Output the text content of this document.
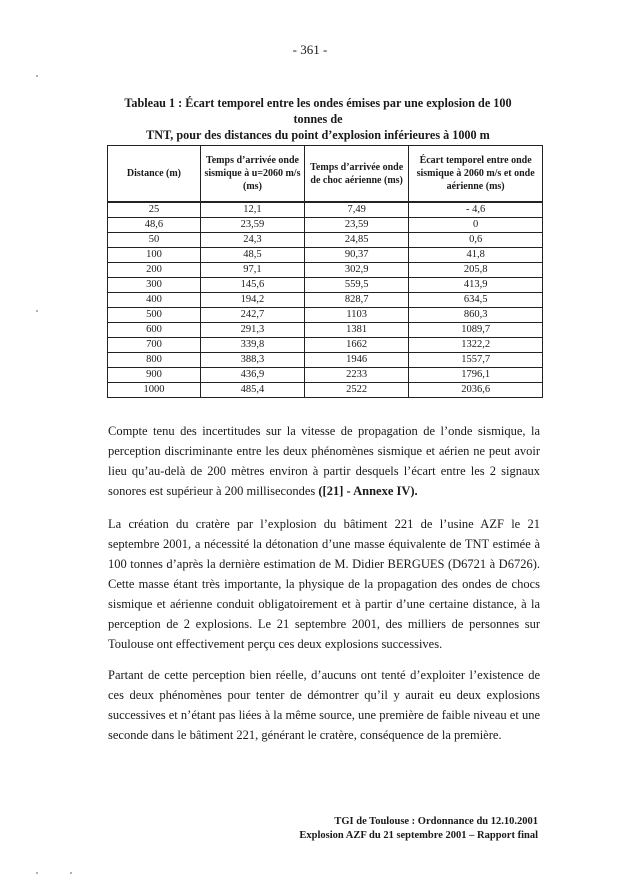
- 361 -
Tableau 1 : Écart temporel entre les ondes émises par une explosion de 100 tonnes de
TNT, pour des distances du point d’explosion inférieures à 1000 m
Distance (m)	Temps d’arrivée onde sismique à u=2060 m/s (ms)	Temps d’arrivée onde de choc aérienne (ms)	Écart temporel entre onde sismique à 2060 m/s et onde aérienne (ms)
25	12,1	7,49	- 4,6
48,6	23,59	23,59	0
50	24,3	24,85	0,6
100	48,5	90,37	41,8
200	97,1	302,9	205,8
300	145,6	559,5	413,9
400	194,2	828,7	634,5
500	242,7	1103	860,3
600	291,3	1381	1089,7
700	339,8	1662	1322,2
800	388,3	1946	1557,7
900	436,9	2233	1796,1
1000	485,4	2522	2036,6

Compte tenu des incertitudes sur la vitesse de propagation de l’onde sismique, la perception discriminante entre les deux phénomènes sismique et aérien ne peut avoir lieu qu’au-delà de 200 mètres environ à partir desquels l’écart entre les 2 signaux sonores est supérieur à 200 millisecondes ([21] - Annexe IV).

La création du cratère par l’explosion du bâtiment 221 de l’usine AZF le 21 septembre 2001, a nécessité la détonation d’une masse équivalente de TNT estimée à 100 tonnes d’après la dernière estimation de M. Didier BERGUES (D6721 à D6726). Cette masse étant très importante, la physique de la propagation des ondes de chocs sismique et aérienne conduit obligatoirement et à partir d’une certaine distance, à la perception de 2 explosions. Le 21 septembre 2001, des milliers de personnes sur Toulouse ont effectivement perçu ces deux explosions successives.

Partant de cette perception bien réelle, d’aucuns ont tenté d’exploiter l’existence de ces deux phénomènes pour tenter de démontrer qu’il y aurait eu deux explosions successives et n’étant pas liées à la même source, une première de faible niveau et une seconde dans le bâtiment 221, générant le cratère, conséquence de la première.

TGI de Toulouse : Ordonnance du 12.10.2001
Explosion AZF du 21 septembre 2001 – Rapport final
